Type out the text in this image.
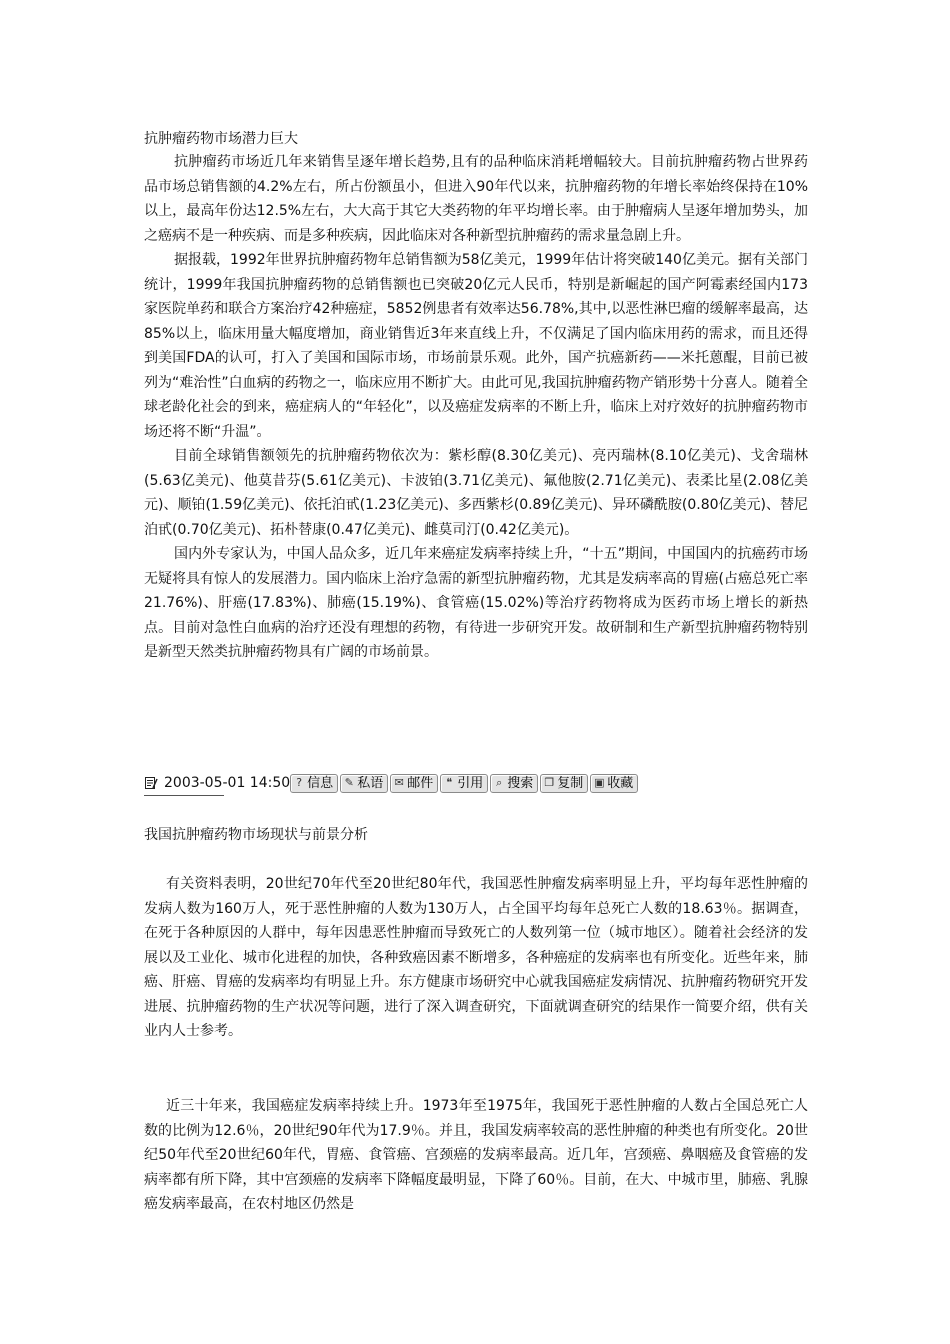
抗肿瘤药物市场潜力巨大

抗肿瘤药市场近几年来销售呈逐年增长趋势,且有的品种临床消耗增幅较大。目前抗肿瘤药物占世界药品市场总销售额的4.2%左右，所占份额虽小，但进入90年代以来，抗肿瘤药物的年增长率始终保持在10%以上，最高年份达12.5%左右，大大高于其它大类药物的年平均增长率。由于肿瘤病人呈逐年增加势头，加之癌病不是一种疾病、而是多种疾病，因此临床对各种新型抗肿瘤药的需求量急剧上升。

据报载，1992年世界抗肿瘤药物年总销售额为58亿美元，1999年估计将突破140亿美元。据有关部门统计，1999年我国抗肿瘤药物的总销售额也已突破20亿元人民币，特别是新崛起的国产阿霉素经国内173家医院单药和联合方案治疗42种癌症，5852例患者有效率达56.78%,其中,以恶性淋巴瘤的缓解率最高，达85%以上，临床用量大幅度增加，商业销售近3年来直线上升，不仅满足了国内临床用药的需求，而且还得到美国FDA的认可，打入了美国和国际市场，市场前景乐观。此外，国产抗癌新药——米托蒽醌，目前已被列为“难治性”白血病的药物之一，临床应用不断扩大。由此可见,我国抗肿瘤药物产销形势十分喜人。随着全球老龄化社会的到来，癌症病人的“年轻化”，以及癌症发病率的不断上升，临床上对疗效好的抗肿瘤药物市场还将不断“升温”。

目前全球销售额领先的抗肿瘤药物依次为：紫杉醇(8.30亿美元)、亮丙瑞林(8.10亿美元)、戈舍瑞林(5.63亿美元)、他莫昔芬(5.61亿美元)、卡波铂(3.71亿美元)、氟他胺(2.71亿美元)、表柔比星(2.08亿美元)、顺铂(1.59亿美元)、依托泊甙(1.23亿美元)、多西紫杉(0.89亿美元)、异环磷酰胺(0.80亿美元)、替尼泊甙(0.70亿美元)、拓朴替康(0.47亿美元)、雌莫司汀(0.42亿美元)。

国内外专家认为，中国人品众多，近几年来癌症发病率持续上升，“十五”期间，中国国内的抗癌药市场无疑将具有惊人的发展潜力。国内临床上治疗急需的新型抗肿瘤药物，尤其是发病率高的胃癌(占癌总死亡率21.76%)、肝癌(17.83%)、肺癌(15.19%)、食管癌(15.02%)等治疗药物将成为医药市场上增长的新热点。目前对急性白血病的治疗还没有理想的药物，有待进一步研究开发。故研制和生产新型抗肿瘤药物特别是新型天然类抗肿瘤药物具有广阔的市场前景。

2003-05-01 14:50 ? 信息 ✎ 私语 ✉ 邮件 ❝ 引用 ⌕ 搜索 ❐ 复制 ▣ 收藏
我国抗肿瘤药物市场现状与前景分析

有关资料表明，20世纪70年代至20世纪80年代，我国恶性肿瘤发病率明显上升，平均每年恶性肿瘤的发病人数为160万人，死于恶性肿瘤的人数为130万人，占全国平均每年总死亡人数的18.63％。据调查，在死于各种原因的人群中，每年因患恶性肿瘤而导致死亡的人数列第一位（城市地区）。随着社会经济的发展以及工业化、城市化进程的加快，各种致癌因素不断增多，各种癌症的发病率也有所变化。近些年来，肺癌、肝癌、胃癌的发病率均有明显上升。东方健康市场研究中心就我国癌症发病情况、抗肿瘤药物研究开发进展、抗肿瘤药物的生产状况等问题，进行了深入调查研究，下面就调查研究的结果作一简要介绍，供有关业内人士参考。

近三十年来，我国癌症发病率持续上升。1973年至1975年，我国死于恶性肿瘤的人数占全国总死亡人数的比例为12.6％，20世纪90年代为17.9％。并且，我国发病率较高的恶性肿瘤的种类也有所变化。20世纪50年代至20世纪60年代，胃癌、食管癌、宫颈癌的发病率最高。近几年，宫颈癌、鼻咽癌及食管癌的发病率都有所下降，其中宫颈癌的发病率下降幅度最明显，下降了60％。目前，在大、中城市里，肺癌、乳腺癌发病率最高，在农村地区仍然是
